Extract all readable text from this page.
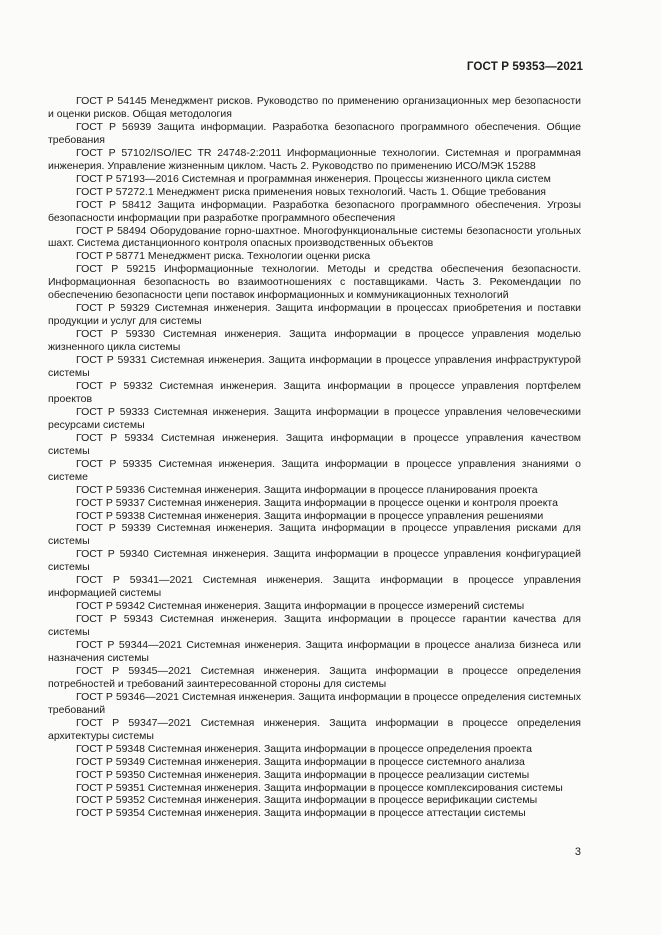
ГОСТ Р 59353—2021

ГОСТ Р 54145 Менеджмент рисков. Руководство по применению организационных мер безопасности и оценки рисков. Общая методология

ГОСТ Р 56939 Защита информации. Разработка безопасного программного обеспечения. Общие требования

ГОСТ Р 57102/ISO/IEC TR 24748-2:2011 Информационные технологии. Системная и программная инженерия. Управление жизненным циклом. Часть 2. Руководство по применению ИСО/МЭК 15288

ГОСТ Р 57193—2016 Системная и программная инженерия. Процессы жизненного цикла систем

ГОСТ Р 57272.1 Менеджмент риска применения новых технологий. Часть 1. Общие требования

ГОСТ Р 58412 Защита информации. Разработка безопасного программного обеспечения. Угрозы безопасности информации при разработке программного обеспечения

ГОСТ Р 58494 Оборудование горно-шахтное. Многофункциональные системы безопасности угольных шахт. Система дистанционного контроля опасных производственных объектов

ГОСТ Р 58771 Менеджмент риска. Технологии оценки риска

ГОСТ Р 59215 Информационные технологии. Методы и средства обеспечения безопасности. Информационная безопасность во взаимоотношениях с поставщиками. Часть 3. Рекомендации по обеспечению безопасности цепи поставок информационных и коммуникационных технологий

ГОСТ Р 59329 Системная инженерия. Защита информации в процессах приобретения и поставки продукции и услуг для системы

ГОСТ Р 59330 Системная инженерия. Защита информации в процессе управления моделью жизненного цикла системы

ГОСТ Р 59331 Системная инженерия. Защита информации в процессе управления инфраструктурой системы

ГОСТ Р 59332 Системная инженерия. Защита информации в процессе управления портфелем проектов

ГОСТ Р 59333 Системная инженерия. Защита информации в процессе управления человеческими ресурсами системы

ГОСТ Р 59334 Системная инженерия. Защита информации в процессе управления качеством системы

ГОСТ Р 59335 Системная инженерия. Защита информации в процессе управления знаниями о системе

ГОСТ Р 59336 Системная инженерия. Защита информации в процессе планирования проекта

ГОСТ Р 59337 Системная инженерия. Защита информации в процессе оценки и контроля проекта

ГОСТ Р 59338 Системная инженерия. Защита информации в процессе управления решениями

ГОСТ Р 59339 Системная инженерия. Защита информации в процессе управления рисками для системы

ГОСТ Р 59340 Системная инженерия. Защита информации в процессе управления конфигурацией системы

ГОСТ Р 59341—2021 Системная инженерия. Защита информации в процессе управления информацией системы

ГОСТ Р 59342 Системная инженерия. Защита информации в процессе измерений системы

ГОСТ Р 59343 Системная инженерия. Защита информации в процессе гарантии качества для системы

ГОСТ Р 59344—2021 Системная инженерия. Защита информации в процессе анализа бизнеса или назначения системы

ГОСТ Р 59345—2021 Системная инженерия. Защита информации в процессе определения потребностей и требований заинтересованной стороны для системы

ГОСТ Р 59346—2021 Системная инженерия. Защита информации в процессе определения системных требований

ГОСТ Р 59347—2021 Системная инженерия. Защита информации в процессе определения архитектуры системы

ГОСТ Р 59348 Системная инженерия. Защита информации в процессе определения проекта

ГОСТ Р 59349 Системная инженерия. Защита информации в процессе системного анализа

ГОСТ Р 59350 Системная инженерия. Защита информации в процессе реализации системы

ГОСТ Р 59351 Системная инженерия. Защита информации в процессе комплексирования системы

ГОСТ Р 59352 Системная инженерия. Защита информации в процессе верификации системы

ГОСТ Р 59354 Системная инженерия. Защита информации в процессе аттестации системы

3
